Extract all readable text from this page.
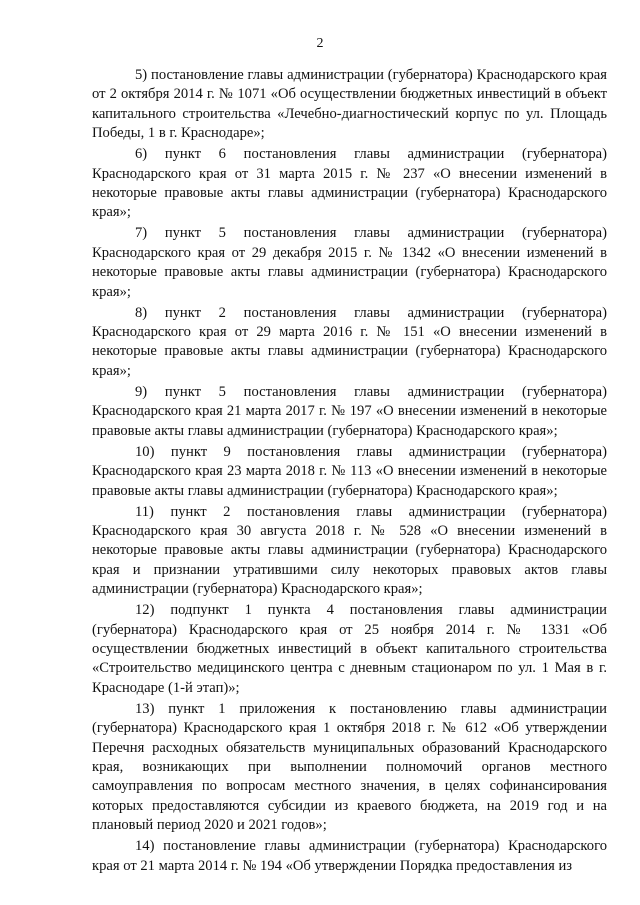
2

5) постановление главы администрации (губернатора) Краснодарского края от 2 октября 2014 г. № 1071 «Об осуществлении бюджетных инвестиций в объект капитального строительства «Лечебно-диагностический корпус по ул. Площадь Победы, 1 в г. Краснодаре»;

6) пункт 6 постановления главы администрации (губернатора) Краснодарского края от 31 марта 2015 г. № 237 «О внесении изменений в некоторые правовые акты главы администрации (губернатора) Краснодарского края»;

7) пункт 5 постановления главы администрации (губернатора) Краснодарского края от 29 декабря 2015 г. № 1342 «О внесении изменений в некоторые правовые акты главы администрации (губернатора) Краснодарского края»;

8) пункт 2 постановления главы администрации (губернатора) Краснодарского края от 29 марта 2016 г. № 151 «О внесении изменений в некоторые правовые акты главы администрации (губернатора) Краснодарского края»;

9) пункт 5 постановления главы администрации (губернатора) Краснодарского края 21 марта 2017 г. № 197 «О внесении изменений в некоторые правовые акты главы администрации (губернатора) Краснодарского края»;

10) пункт 9 постановления главы администрации (губернатора) Краснодарского края 23 марта 2018 г. № 113 «О внесении изменений в некоторые правовые акты главы администрации (губернатора) Краснодарского края»;

11) пункт 2 постановления главы администрации (губернатора) Краснодарского края 30 августа 2018 г. № 528 «О внесении изменений в некоторые правовые акты главы администрации (губернатора) Краснодарского края и признании утратившими силу некоторых правовых актов главы администрации (губернатора) Краснодарского края»;

12) подпункт 1 пункта 4 постановления главы администрации (губернатора) Краснодарского края от 25 ноября 2014 г. № 1331 «Об осуществлении бюджетных инвестиций в объект капитального строительства «Строительство медицинского центра с дневным стационаром по ул. 1 Мая в г. Краснодаре (1-й этап)»;

13) пункт 1 приложения к постановлению главы администрации (губернатора) Краснодарского края 1 октября 2018 г. № 612 «Об утверждении Перечня расходных обязательств муниципальных образований Краснодарского края, возникающих при выполнении полномочий органов местного самоуправления по вопросам местного значения, в целях софинансирования которых предоставляются субсидии из краевого бюджета, на 2019 год и на плановый период 2020 и 2021 годов»;

14) постановление главы администрации (губернатора) Краснодарского края от 21 марта 2014 г. № 194 «Об утверждении Порядка предоставления из
